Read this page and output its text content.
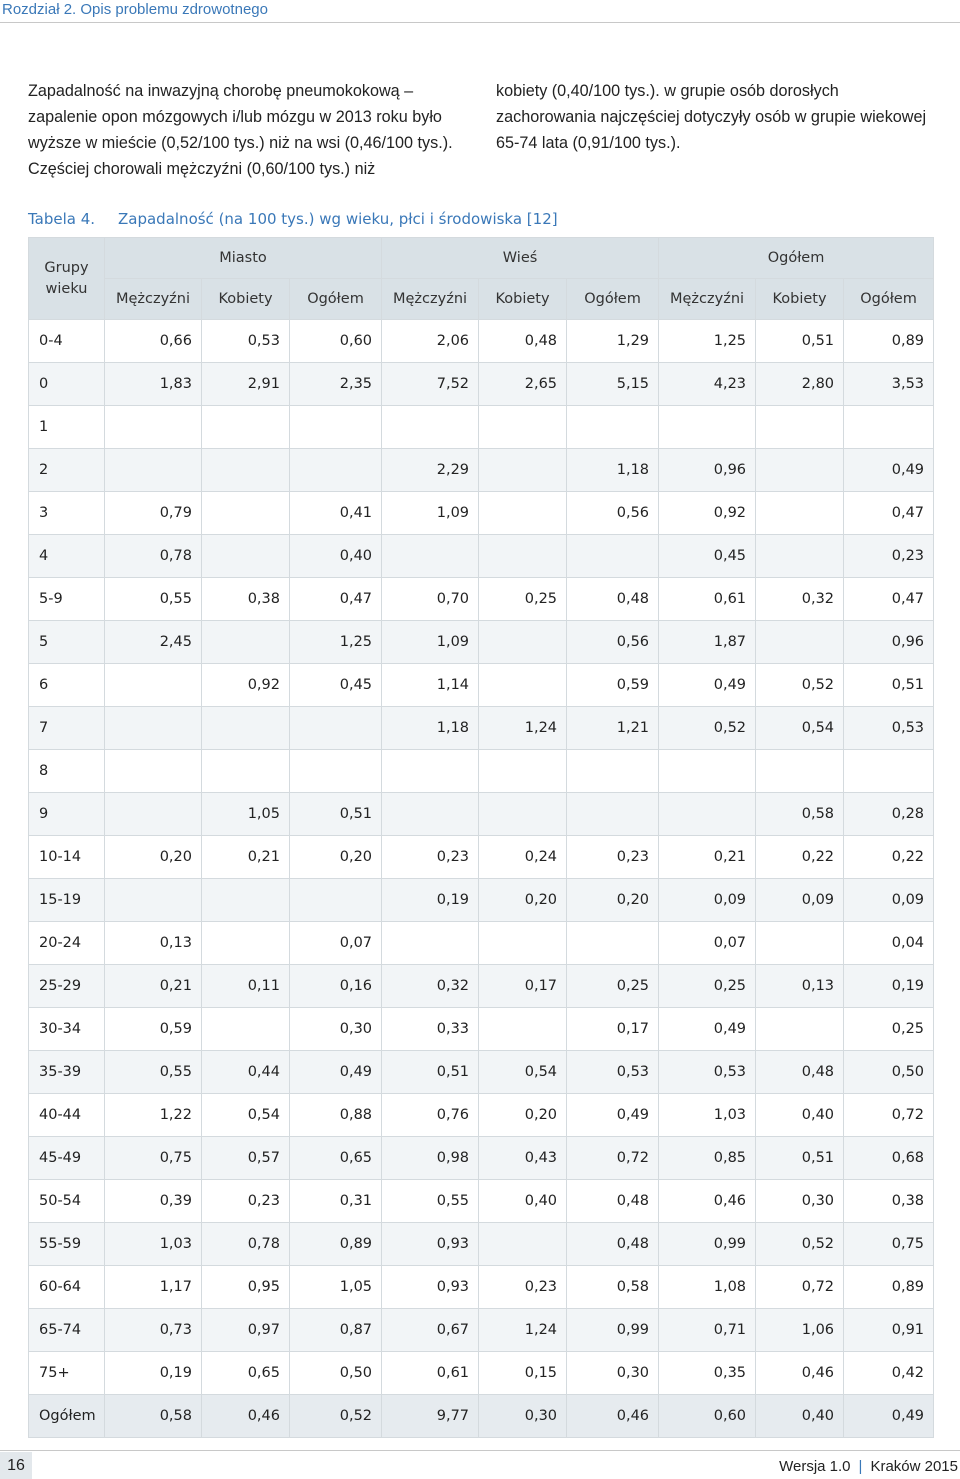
Rozdział 2. Opis problemu zdrowotnego

Zapadalność na inwazyjną chorobę pneumokokową – zapalenie opon mózgowych i/lub mózgu w 2013 roku było wyższe w mieście (0,52/100 tys.) niż na wsi (0,46/100 tys.). Częściej chorowali mężczyźni (0,60/100 tys.) niż

kobiety (0,40/100 tys.). w grupie osób dorosłych zachorowania najczęściej dotyczyły osób w grupie wiekowej 65-74 lata (0,91/100 tys.).

Tabela 4. Zapadalność (na 100 tys.) wg wieku, płci i środowiska [12]
Grupy wieku	Miasto			Wieś			Ogółem		
	Mężczyźni	Kobiety	Ogółem	Mężczyźni	Kobiety	Ogółem	Mężczyźni	Kobiety	Ogółem
0-4	0,66	0,53	0,60	2,06	0,48	1,29	1,25	0,51	0,89
0	1,83	2,91	2,35	7,52	2,65	5,15	4,23	2,80	3,53
1									
2				2,29		1,18	0,96		0,49
3	0,79		0,41	1,09		0,56	0,92		0,47
4	0,78		0,40				0,45		0,23
5-9	0,55	0,38	0,47	0,70	0,25	0,48	0,61	0,32	0,47
5	2,45		1,25	1,09		0,56	1,87		0,96
6		0,92	0,45	1,14		0,59	0,49	0,52	0,51
7				1,18	1,24	1,21	0,52	0,54	0,53
8									
9		1,05	0,51					0,58	0,28
10-14	0,20	0,21	0,20	0,23	0,24	0,23	0,21	0,22	0,22
15-19				0,19	0,20	0,20	0,09	0,09	0,09
20-24	0,13		0,07				0,07		0,04
25-29	0,21	0,11	0,16	0,32	0,17	0,25	0,25	0,13	0,19
30-34	0,59		0,30	0,33		0,17	0,49		0,25
35-39	0,55	0,44	0,49	0,51	0,54	0,53	0,53	0,48	0,50
40-44	1,22	0,54	0,88	0,76	0,20	0,49	1,03	0,40	0,72
45-49	0,75	0,57	0,65	0,98	0,43	0,72	0,85	0,51	0,68
50-54	0,39	0,23	0,31	0,55	0,40	0,48	0,46	0,30	0,38
55-59	1,03	0,78	0,89	0,93		0,48	0,99	0,52	0,75
60-64	1,17	0,95	1,05	0,93	0,23	0,58	1,08	0,72	0,89
65-74	0,73	0,97	0,87	0,67	1,24	0,99	0,71	1,06	0,91
75+	0,19	0,65	0,50	0,61	0,15	0,30	0,35	0,46	0,42
Ogółem	0,58	0,46	0,52	9,77	0,30	0,46	0,60	0,40	0,49
16	Wersja 1.0 | Kraków 2015
